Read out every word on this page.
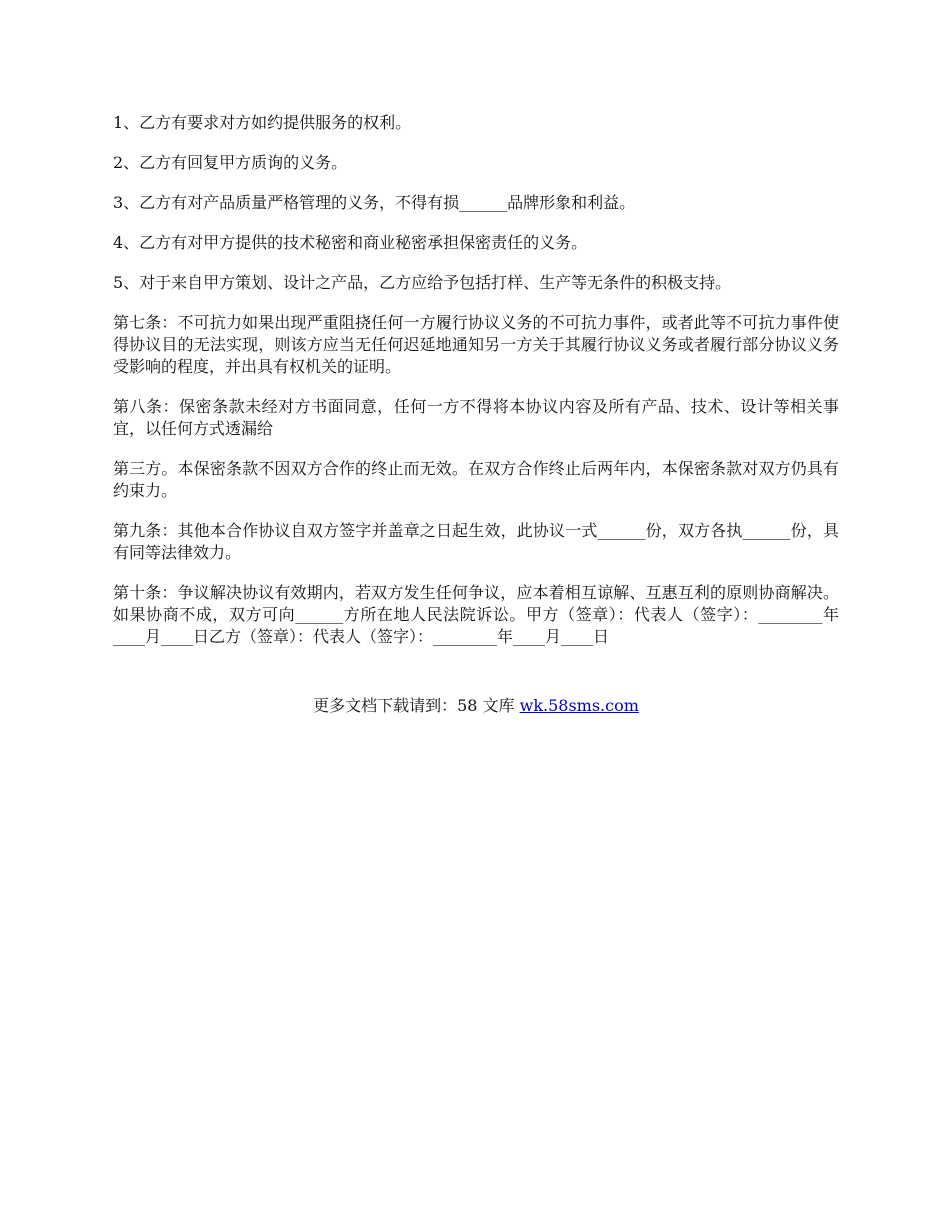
1、乙方有要求对方如约提供服务的权利。

2、乙方有回复甲方质询的义务。

3、乙方有对产品质量严格管理的义务，不得有损______品牌形象和利益。

4、乙方有对甲方提供的技术秘密和商业秘密承担保密责任的义务。

5、对于来自甲方策划、设计之产品，乙方应给予包括打样、生产等无条件的积极支持。

第七条：不可抗力如果出现严重阻挠任何一方履行协议义务的不可抗力事件，或者此等不可抗力事件使得协议目的无法实现，则该方应当无任何迟延地通知另一方关于其履行协议义务或者履行部分协议义务受影响的程度，并出具有权机关的证明。

第八条：保密条款未经对方书面同意，任何一方不得将本协议内容及所有产品、技术、设计等相关事宜，以任何方式透漏给

第三方。本保密条款不因双方合作的终止而无效。在双方合作终止后两年内，本保密条款对双方仍具有约束力。

第九条：其他本合作协议自双方签字并盖章之日起生效，此协议一式______份，双方各执______份，具有同等法律效力。

第十条：争议解决协议有效期内，若双方发生任何争议，应本着相互谅解、互惠互利的原则协商解决。如果协商不成，双方可向______方所在地人民法院诉讼。甲方（签章）：代表人（签字）：________年____月____日乙方（签章）：代表人（签字）：________年____月____日

更多文档下载请到：58 文库 wk.58sms.com
